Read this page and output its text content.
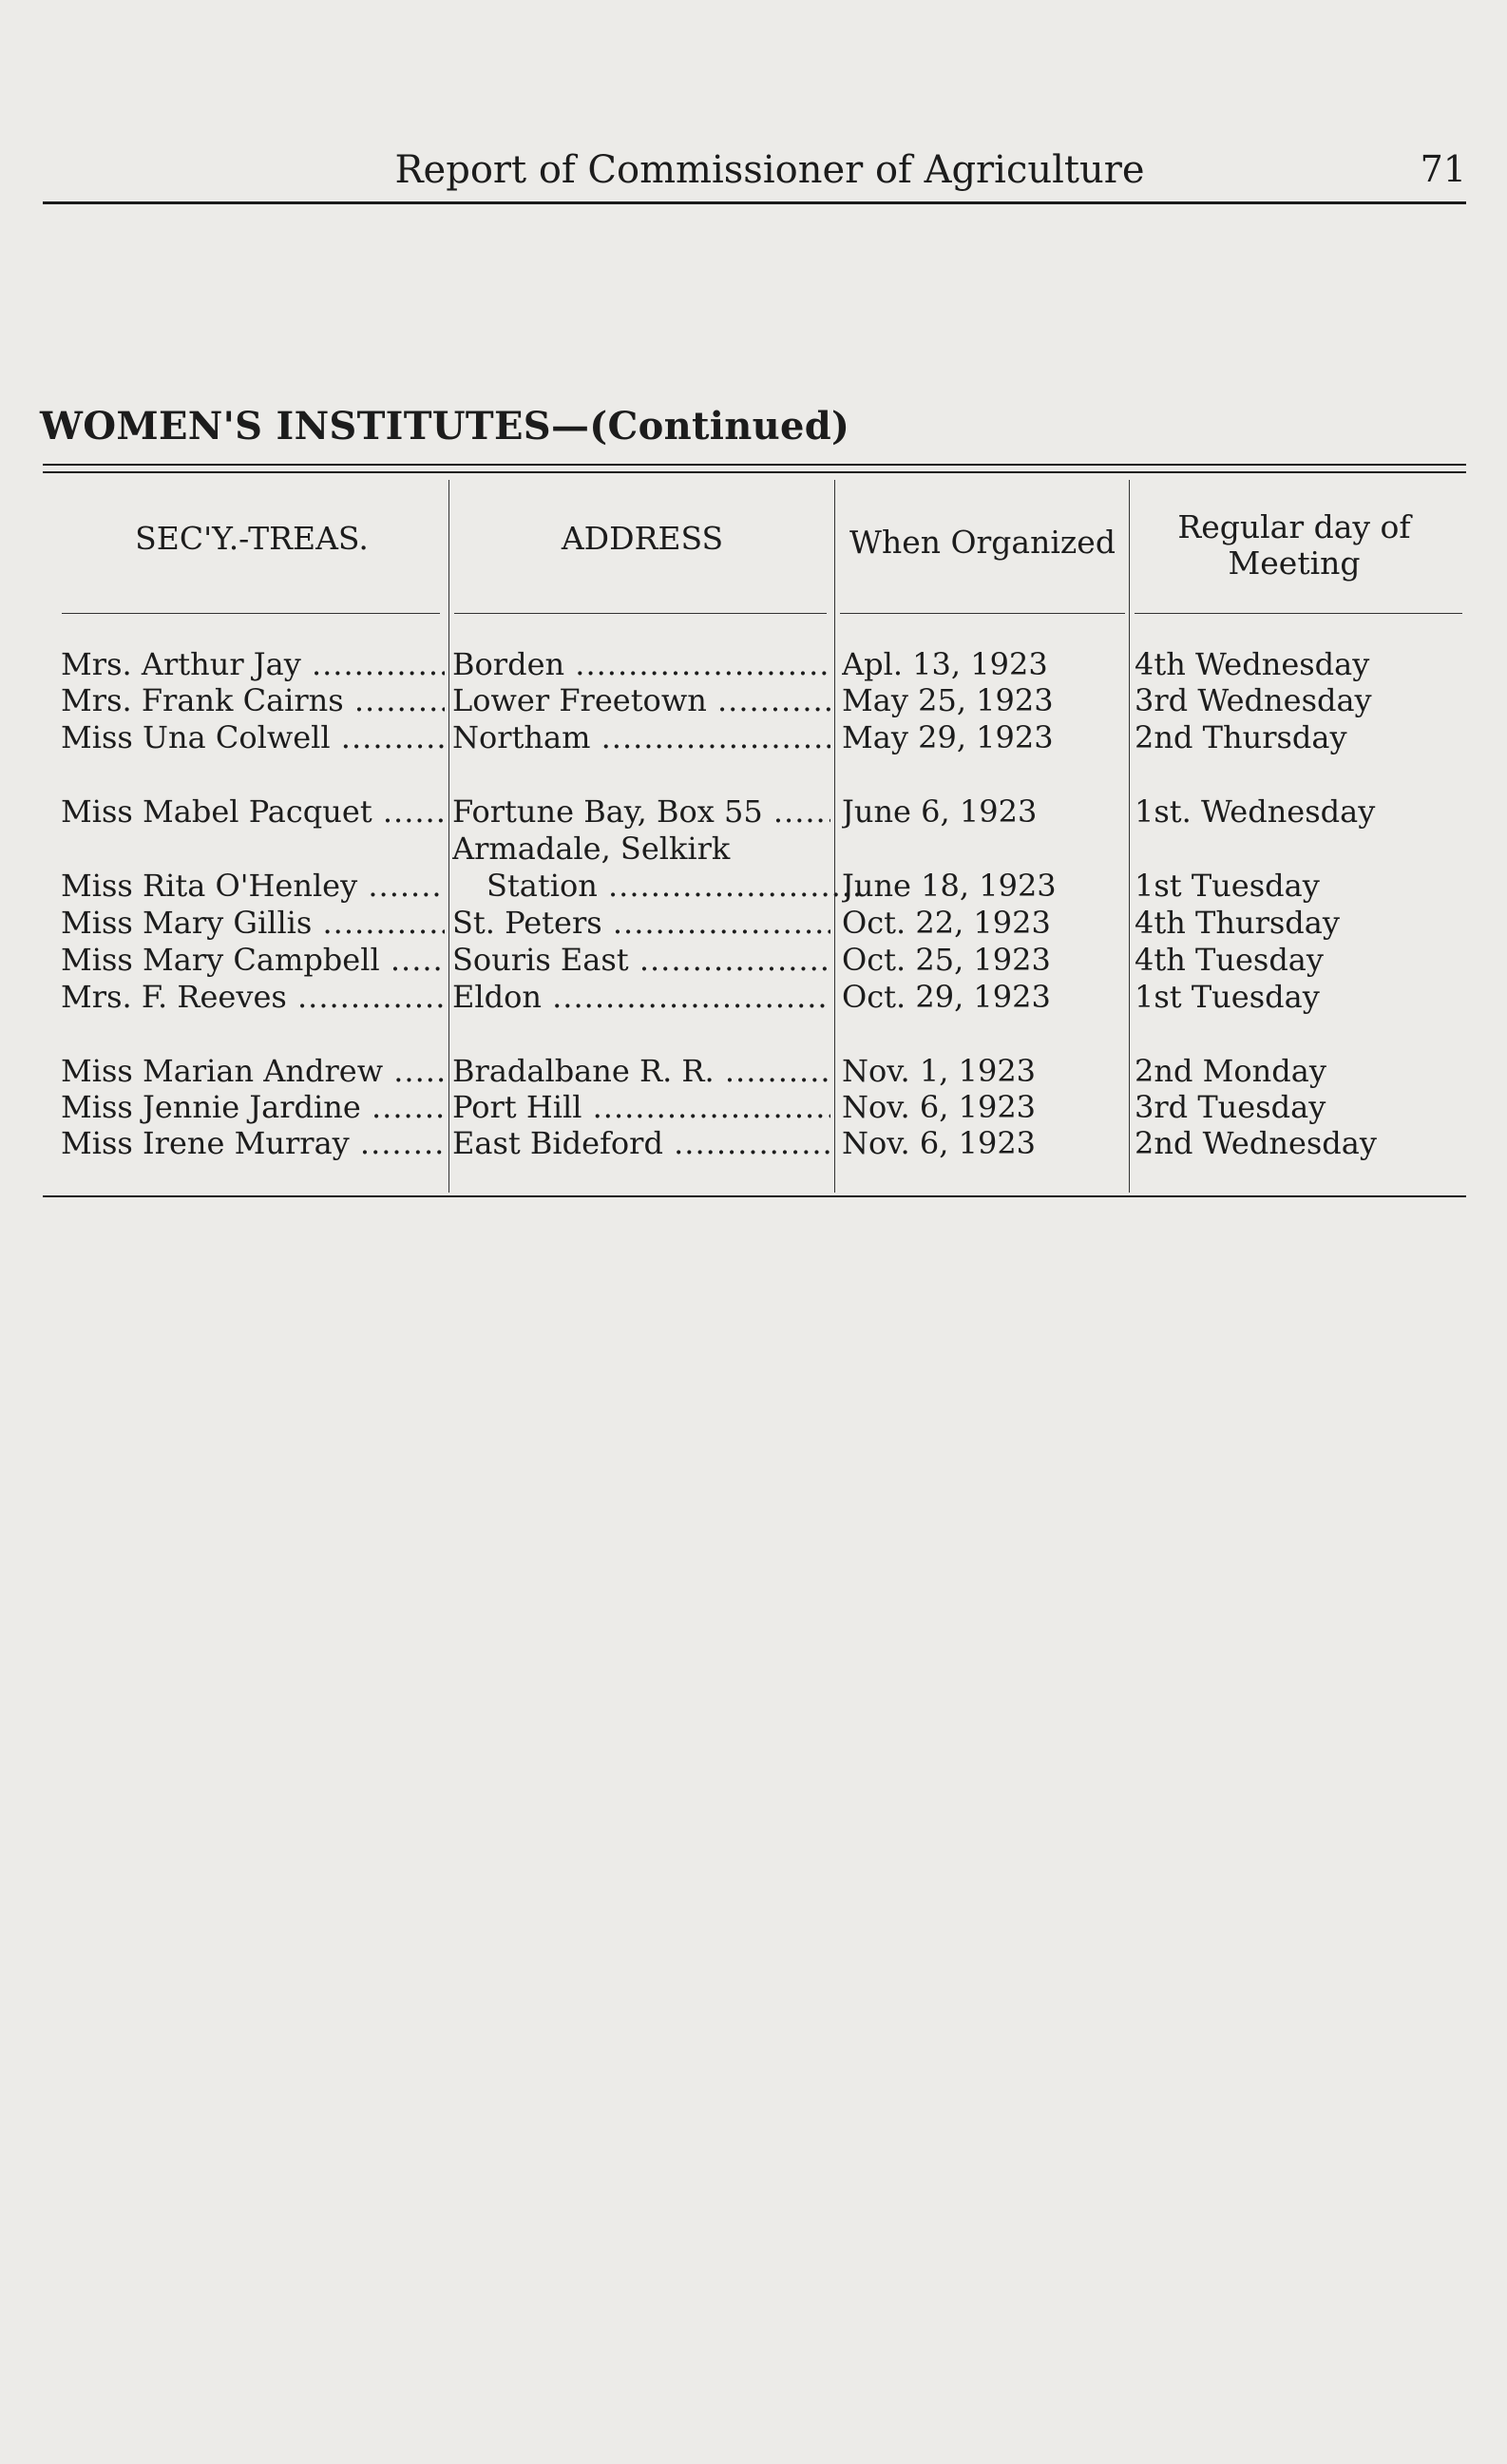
Report of Commissioner of Agriculture	71
WOMEN'S INSTITUTES—(Continued)
SEC'Y.-TREAS.	ADDRESS	When Organized	Regular day of Meeting
Mrs. Arthur Jay .....	Borden .....	Apl. 13, 1923	4th Wednesday
Mrs. Frank Cairns .....	Lower Freetown .....	May 25, 1923	3rd Wednesday
Miss Una Colwell .....	Northam .....	May 29, 1923	2nd Thursday
Miss Mabel Pacquet .....	Fortune Bay, Box 55 .....	June 6, 1923	1st. Wednesday
Armadale, Selkirk
Miss Rita O'Henley .....	Station .....	June 18, 1923	1st Tuesday
Miss Mary Gillis .....	St. Peters .....	Oct. 22, 1923	4th Thursday
Miss Mary Campbell .....	Souris East .....	Oct. 25, 1923	4th Tuesday
Mrs. F. Reeves .....	Eldon .....	Oct. 29, 1923	1st Tuesday
Miss Marian Andrew .....	Bradalbane R. R. .....	Nov. 1, 1923	2nd Monday
Miss Jennie Jardine .....	Port Hill .....	Nov. 6, 1923	3rd Tuesday
Miss Irene Murray .....	East Bideford .....	Nov. 6, 1923	2nd Wednesday
